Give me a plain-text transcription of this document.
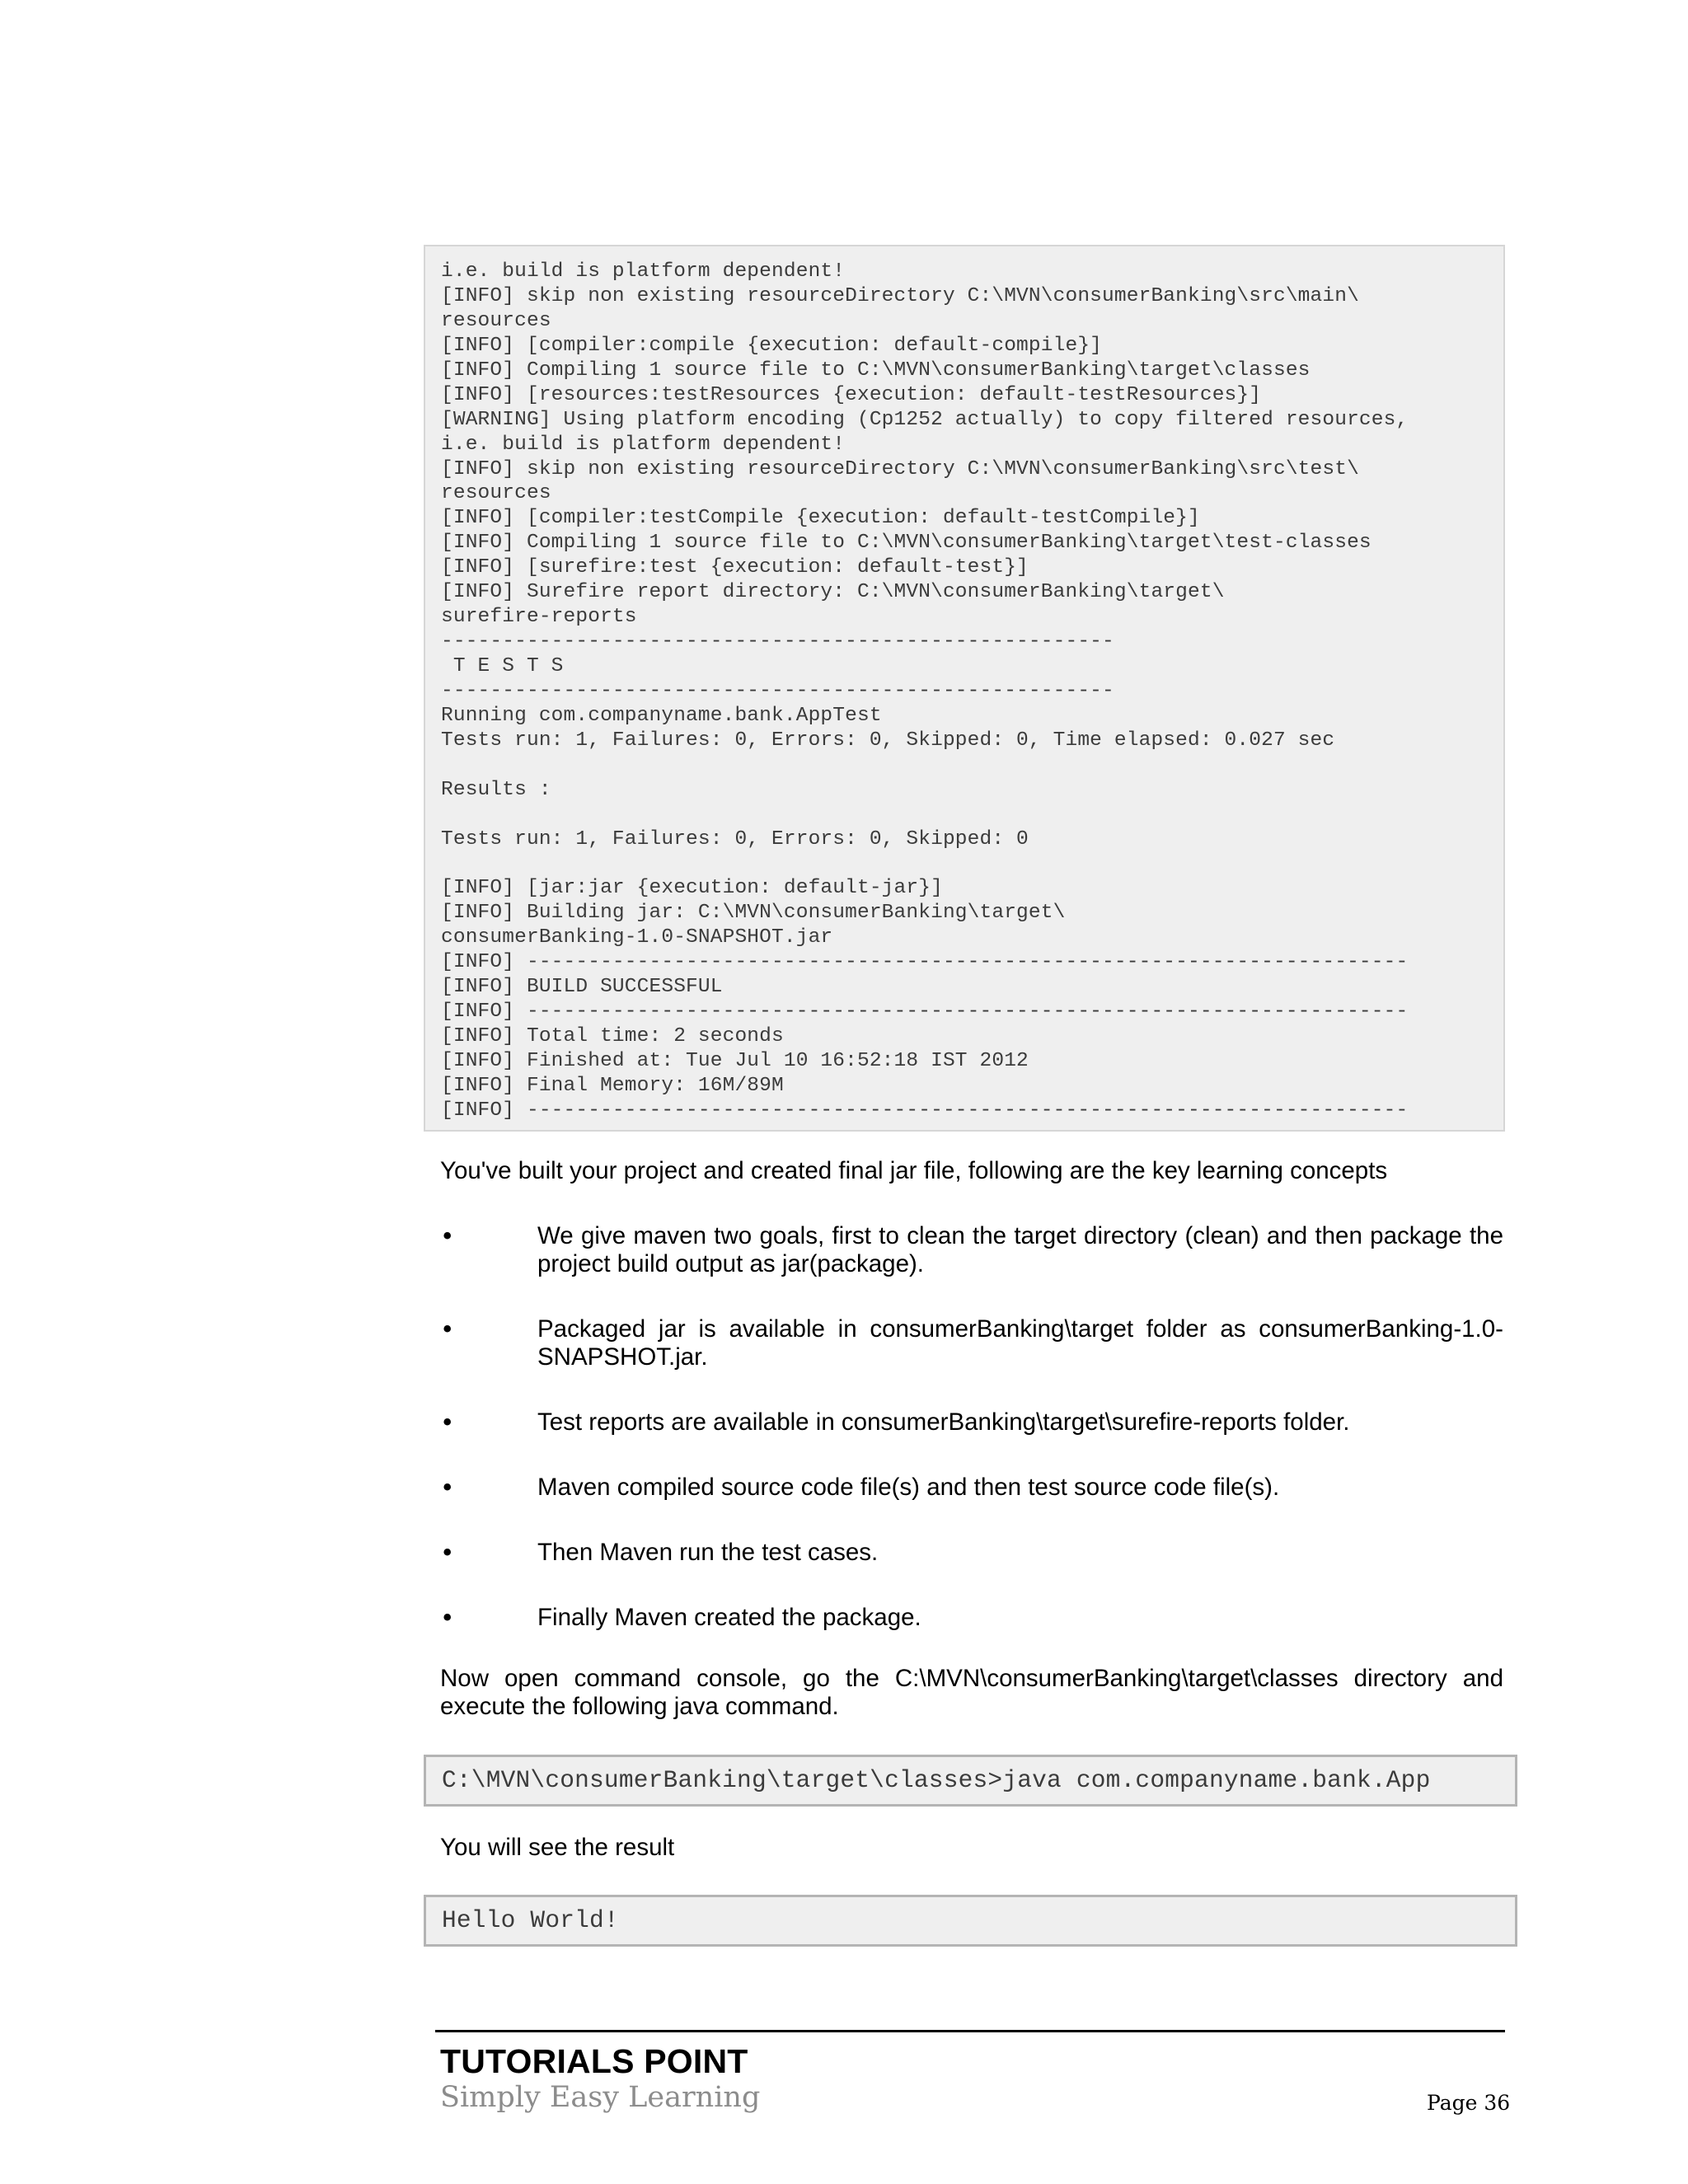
i.e. build is platform dependent!
[INFO] skip non existing resourceDirectory C:\MVN\consumerBanking\src\main\
resources
[INFO] [compiler:compile {execution: default-compile}]
[INFO] Compiling 1 source file to C:\MVN\consumerBanking\target\classes
[INFO] [resources:testResources {execution: default-testResources}]
[WARNING] Using platform encoding (Cp1252 actually) to copy filtered resources,
i.e. build is platform dependent!
[INFO] skip non existing resourceDirectory C:\MVN\consumerBanking\src\test\
resources
[INFO] [compiler:testCompile {execution: default-testCompile}]
[INFO] Compiling 1 source file to C:\MVN\consumerBanking\target\test-classes
[INFO] [surefire:test {execution: default-test}]
[INFO] Surefire report directory: C:\MVN\consumerBanking\target\
surefire-reports
-------------------------------------------------------
T E S T S
-------------------------------------------------------
Running com.companyname.bank.AppTest
Tests run: 1, Failures: 0, Errors: 0, Skipped: 0, Time elapsed: 0.027 sec
Results :
Tests run: 1, Failures: 0, Errors: 0, Skipped: 0
[INFO] [jar:jar {execution: default-jar}]
[INFO] Building jar: C:\MVN\consumerBanking\target\
consumerBanking-1.0-SNAPSHOT.jar
[INFO] ------------------------------------------------------------------------
[INFO] BUILD SUCCESSFUL
[INFO] ------------------------------------------------------------------------
[INFO] Total time: 2 seconds
[INFO] Finished at: Tue Jul 10 16:52:18 IST 2012
[INFO] Final Memory: 16M/89M
[INFO] ------------------------------------------------------------------------
You've built your project and created final jar file, following are the key learning concepts
•	We give maven two goals, first to clean the target directory (clean) and then package the project build output as jar(package).
•	Packaged jar is available in consumerBanking\target folder as consumerBanking-1.0-SNAPSHOT.jar.
•	Test reports are available in consumerBanking\target\surefire-reports folder.
•	Maven compiled source code file(s) and then test source code file(s).
•	Then Maven run the test cases.
•	Finally Maven created the package.
Now open command console, go the C:\MVN\consumerBanking\target\classes directory and execute the following java command.
C:\MVN\consumerBanking\target\classes>java com.companyname.bank.App
You will see the result
Hello World!
TUTORIALS POINT
Simply Easy Learning	Page 36
